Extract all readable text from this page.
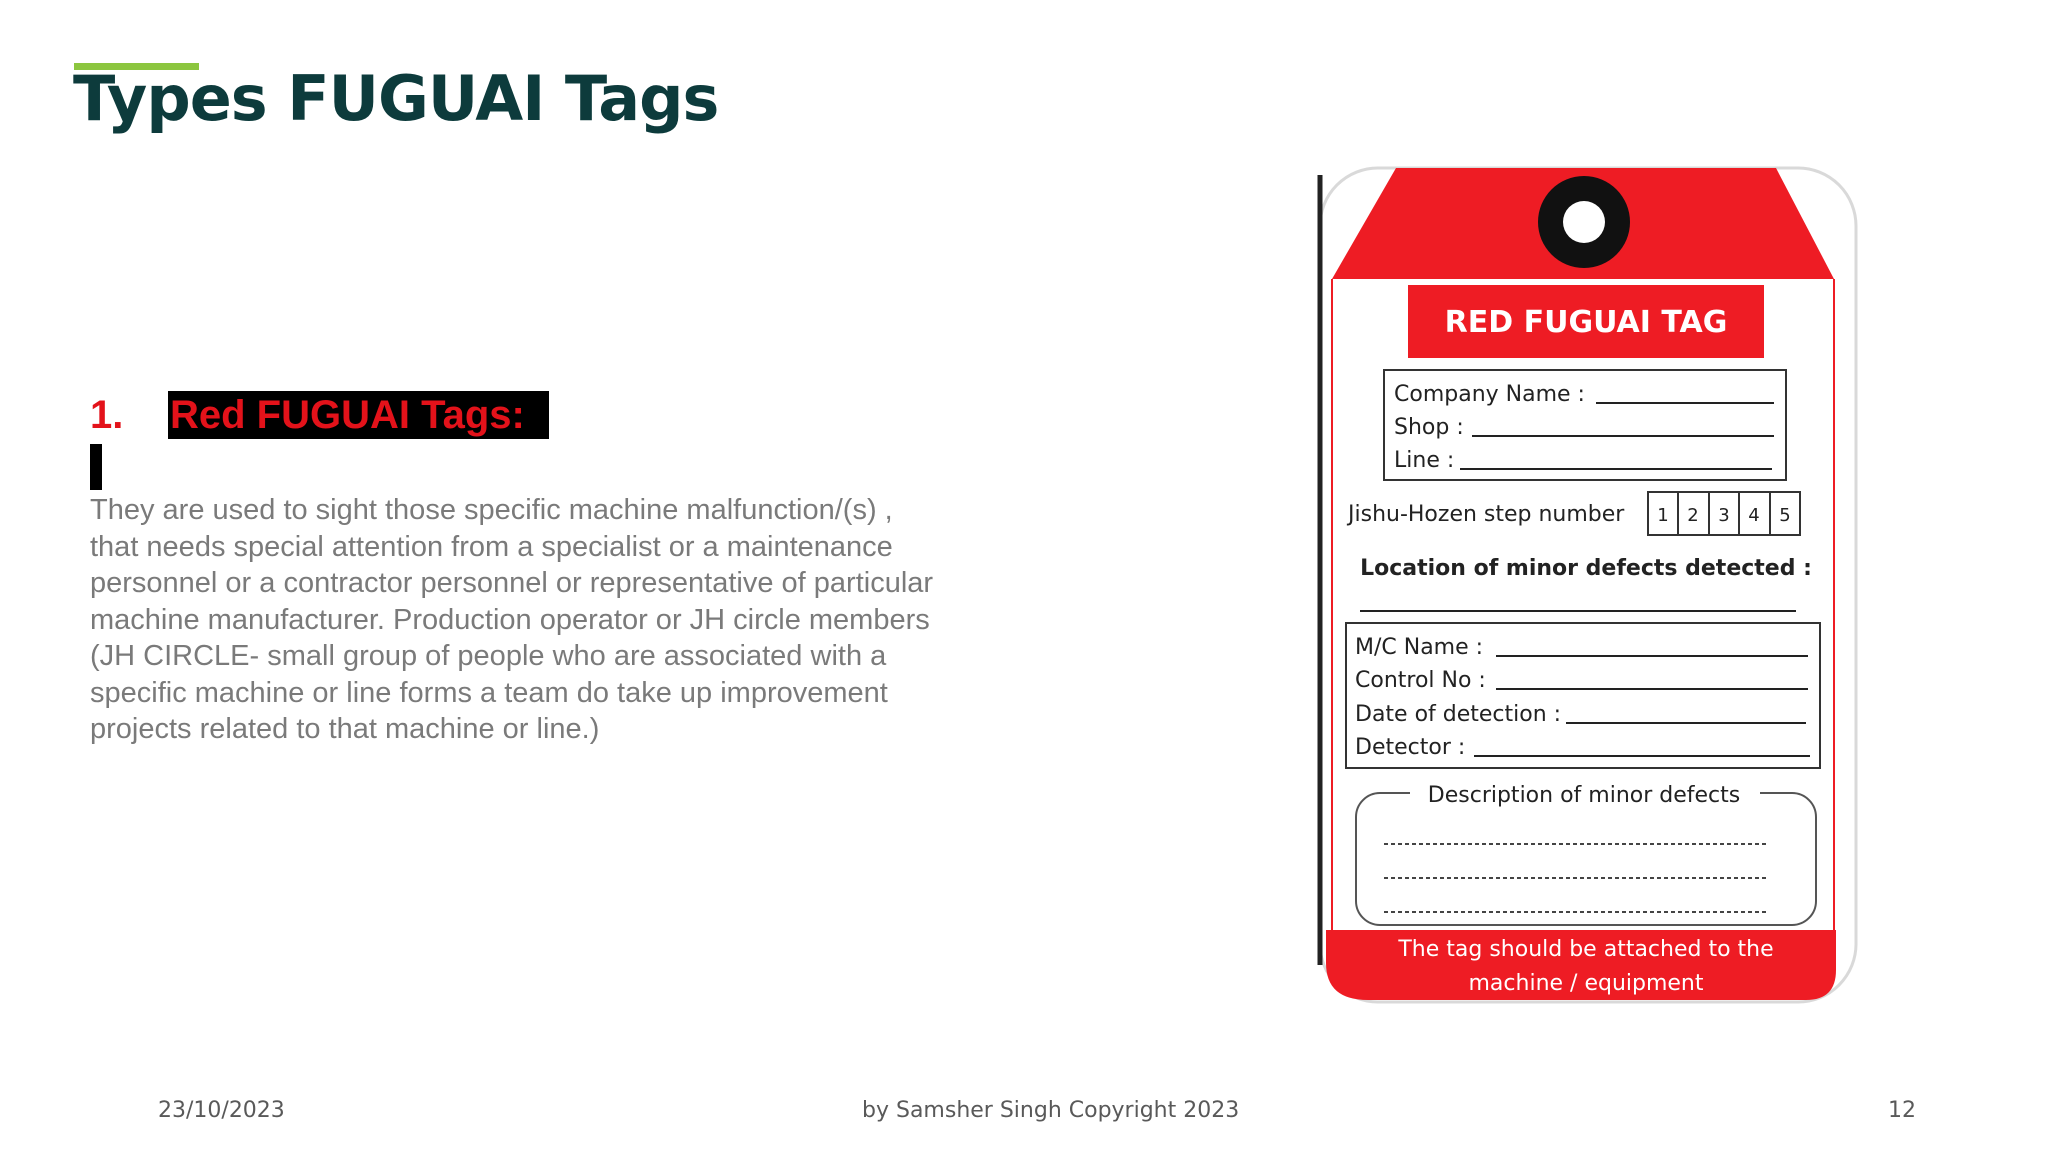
Types FUGUAI Tags
1.	Red FUGUAI Tags:

They are used to sight those specific machine malfunction/(s) , that needs special attention from a specialist or a maintenance personnel or a contractor personnel or representative of particular machine manufacturer. Production operator or JH circle members (JH CIRCLE- small group of people who are associated with a specific machine or line forms a team do take up improvement projects related to that machine or line.)

RED FUGUAI TAG
Company Name :
Shop :
Line :
Jishu-Hozen step number 1 2 3 4 5
Location of minor defects detected :
M/C Name :
Control No :
Date of detection :
Detector :
Description of minor defects
The tag should be attached to the
machine / equipment
23/10/2023	by Samsher Singh Copyright 2023	12
